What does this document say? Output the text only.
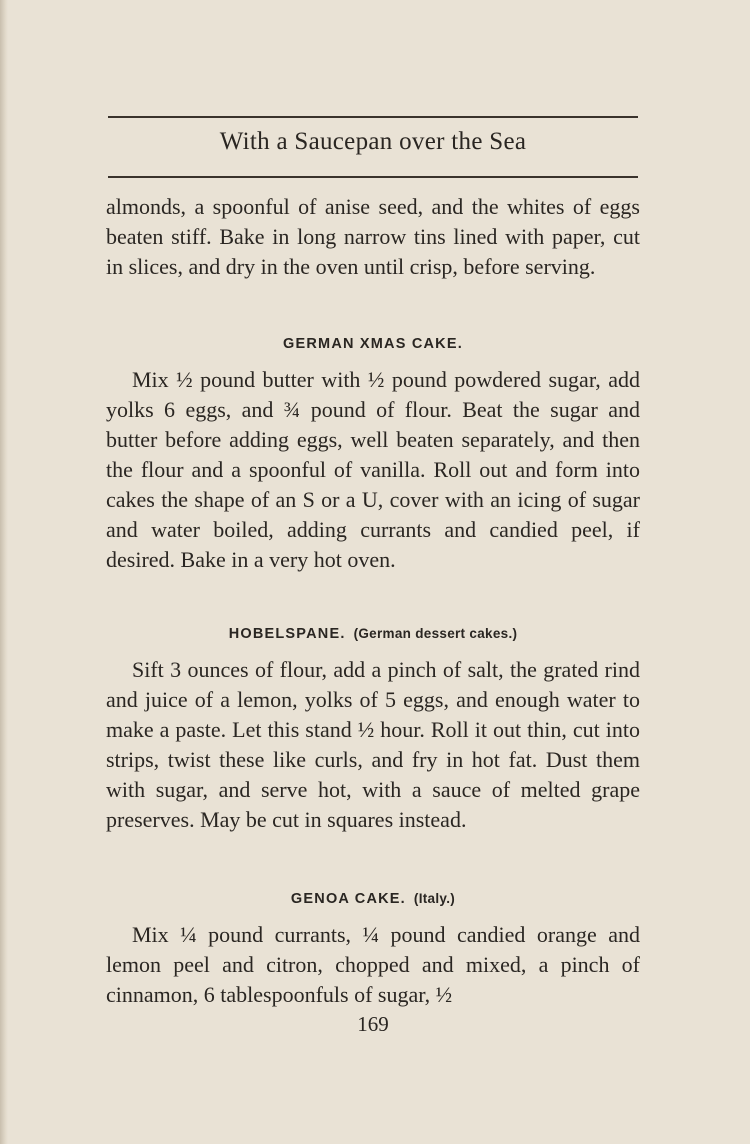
With a Saucepan over the Sea

almonds, a spoonful of anise seed, and the whites of eggs beaten stiff. Bake in long narrow tins lined with paper, cut in slices, and dry in the oven until crisp, before serving.

GERMAN XMAS CAKE.

Mix ½ pound butter with ½ pound powdered sugar, add yolks 6 eggs, and ¾ pound of flour. Beat the sugar and butter before adding eggs, well beaten separately, and then the flour and a spoonful of vanilla. Roll out and form into cakes the shape of an S or a U, cover with an icing of sugar and water boiled, adding currants and candied peel, if desired. Bake in a very hot oven.

HOBELSPANE. (German dessert cakes.)

Sift 3 ounces of flour, add a pinch of salt, the grated rind and juice of a lemon, yolks of 5 eggs, and enough water to make a paste. Let this stand ½ hour. Roll it out thin, cut into strips, twist these like curls, and fry in hot fat. Dust them with sugar, and serve hot, with a sauce of melted grape preserves. May be cut in squares instead.

GENOA CAKE. (Italy.)

Mix ¼ pound currants, ¼ pound candied orange and lemon peel and citron, chopped and mixed, a pinch of cinnamon, 6 tablespoonfuls of sugar, ½

169
